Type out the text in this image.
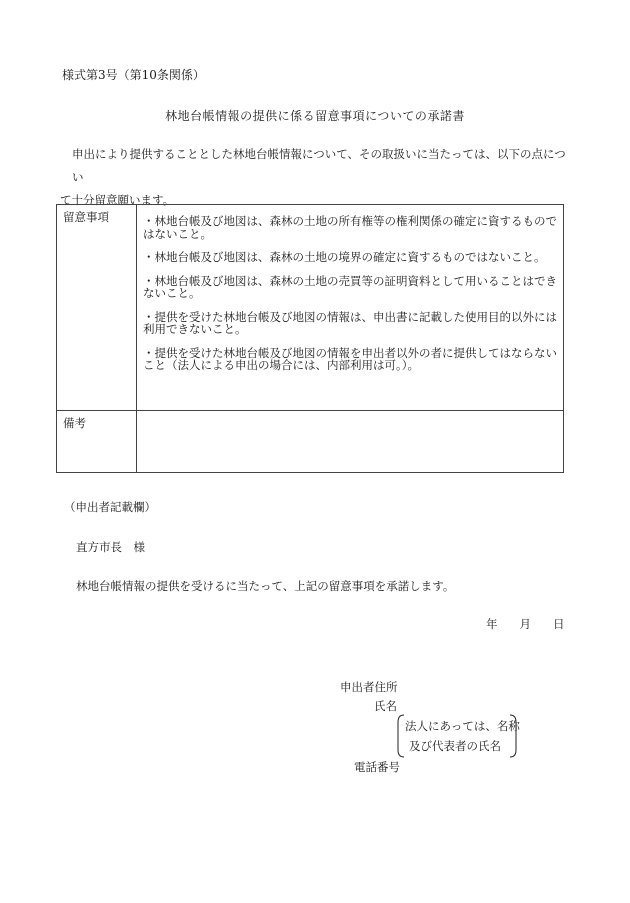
様式第3号（第10条関係）
林地台帳情報の提供に係る留意事項についての承諾書
申出により提供することとした林地台帳情報について、その取扱いに当たっては、以下の点につい
て十分留意願います。
留意事項	・林地台帳及び地図は、森林の土地の所有権等の権利関係の確定に資するものではないこと。
・林地台帳及び地図は、森林の土地の境界の確定に資するものではないこと。
・林地台帳及び地図は、森林の土地の売買等の証明資料として用いることはできないこと。
・提供を受けた林地台帳及び地図の情報は、申出書に記載した使用目的以外には利用できないこと。
・提供を受けた林地台帳及び地図の情報を申出者以外の者に提供してはならないこと（法人による申出の場合には、内部利用は可。）。
備考
（申出者記載欄）
直方市長　様
林地台帳情報の提供を受けるに当たって、上記の留意事項を承諾します。
年 月 日
申出者住所
氏名
法人にあっては、名称
及び代表者の氏名
電話番号
